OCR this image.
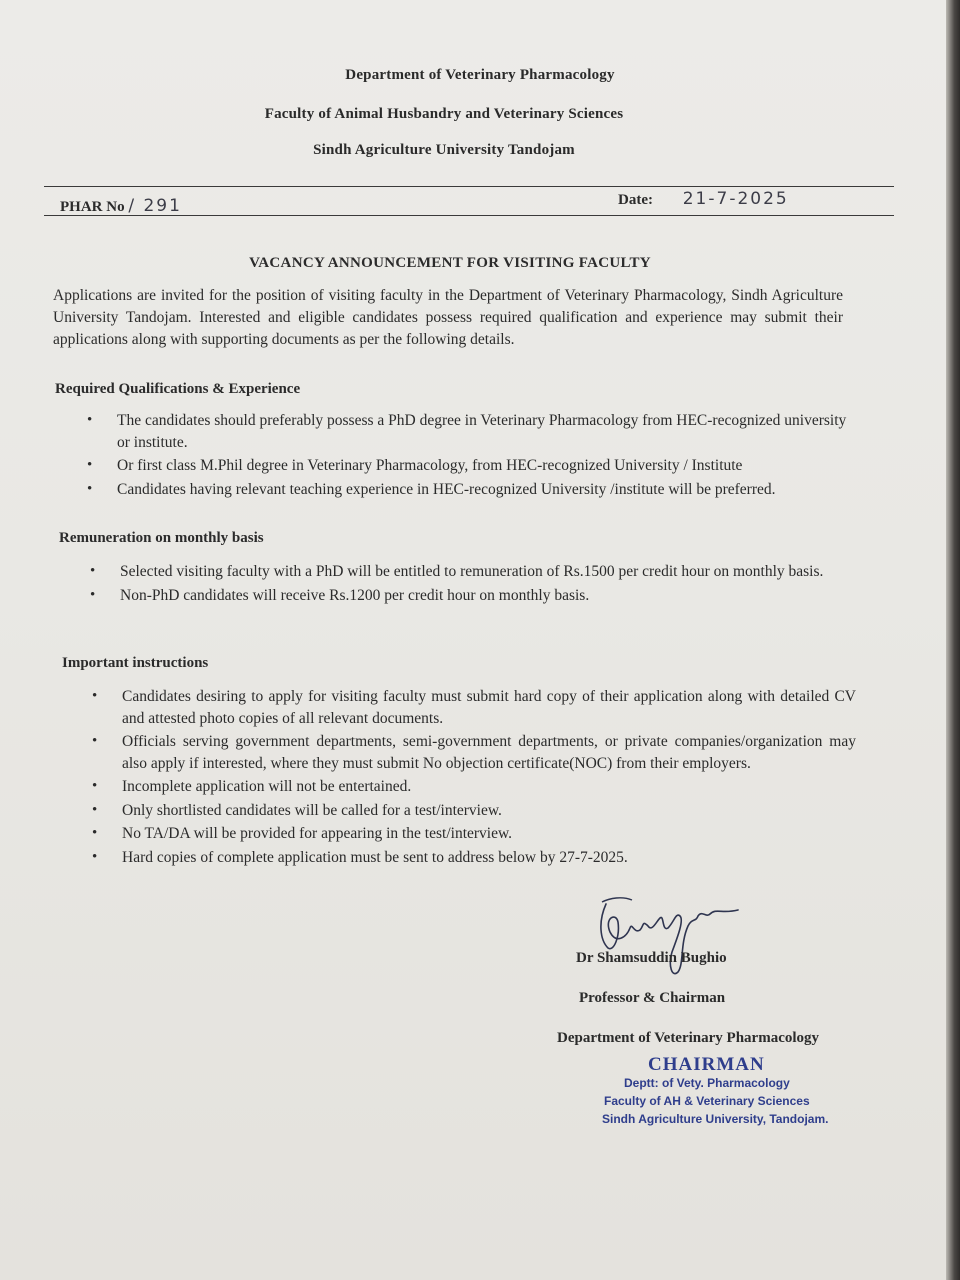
Department of Veterinary Pharmacology
Faculty of Animal Husbandry and Veterinary Sciences
Sindh Agriculture University Tandojam
PHAR No / 291	Date: 21-7-2025
VACANCY ANNOUNCEMENT FOR VISITING FACULTY

Applications are invited for the position of visiting faculty in the Department of Veterinary Pharmacology, Sindh Agriculture University Tandojam. Interested and eligible candidates possess required qualification and experience may submit their applications along with supporting documents as per the following details.

Required Qualifications & Experience
• The candidates should preferably possess a PhD degree in Veterinary Pharmacology from HEC-recognized university or institute.
• Or first class M.Phil degree in Veterinary Pharmacology, from HEC-recognized University / Institute
• Candidates having relevant teaching experience in HEC-recognized University /institute will be preferred.
Remuneration on monthly basis
• Selected visiting faculty with a PhD will be entitled to remuneration of Rs.1500 per credit hour on monthly basis.
• Non-PhD candidates will receive Rs.1200 per credit hour on monthly basis.
Important instructions
• Candidates desiring to apply for visiting faculty must submit hard copy of their application along with detailed CV and attested photo copies of all relevant documents.
• Officials serving government departments, semi-government departments, or private companies/organization may also apply if interested, where they must submit No objection certificate(NOC) from their employers.
• Incomplete application will not be entertained.
• Only shortlisted candidates will be called for a test/interview.
• No TA/DA will be provided for appearing in the test/interview.
• Hard copies of complete application must be sent to address below by 27-7-2025.
Dr Shamsuddin Bughio
Professor & Chairman
Department of Veterinary Pharmacology
CHAIRMAN
Deptt: of Vety. Pharmacology
Faculty of AH & Veterinary Sciences
Sindh Agriculture University, Tandojam.
